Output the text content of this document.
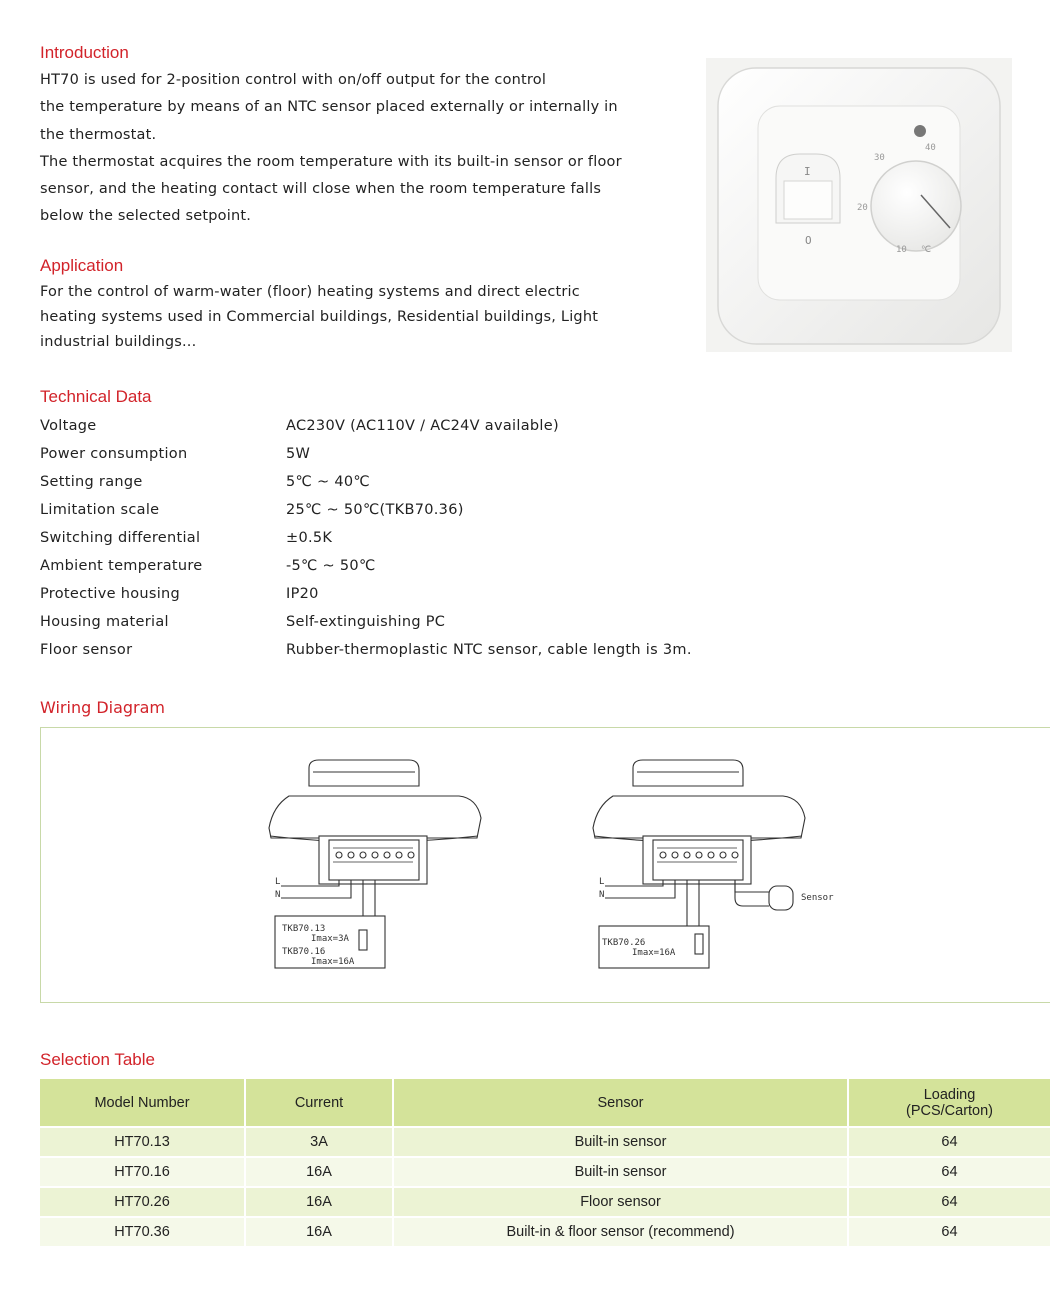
Introduction
HT70 is used for 2-position control with on/off output for the control
the temperature by means of an NTC sensor placed externally or internally in
the thermostat.
The thermostat acquires the room temperature with its built-in sensor or floor
sensor, and the heating contact will close when the room temperature falls
below the selected setpoint.
Application
For the control of warm-water (floor) heating systems and direct electric
heating systems used in Commercial buildings, Residential buildings, Light
industrial buildings...
I
O
40
30
20
10 ℃
Technical Data
Voltage	AC230V (AC110V / AC24V available)
Power consumption	5W
Setting range	5℃ ~ 40℃
Limitation scale	25℃ ~ 50℃(TKB70.36)
Switching differential	±0.5K
Ambient temperature	-5℃ ~ 50℃
Protective housing	IP20
Housing material	Self-extinguishing PC
Floor sensor	Rubber-thermoplastic NTC sensor, cable length is 3m.
Wiring Diagram
L
N
TKB70.13
Imax=3A
TKB70.16
Imax=16A
L
N
TKB70.26
Imax=16A
Sensor
Selection Table
Model Number	Current	Sensor	Loading
(PCS/Carton)

HT70.13	3A	Built-in sensor	64
HT70.16	16A	Built-in sensor	64
HT70.26	16A	Floor sensor	64
HT70.36	16A	Built-in & floor sensor (recommend)	64
